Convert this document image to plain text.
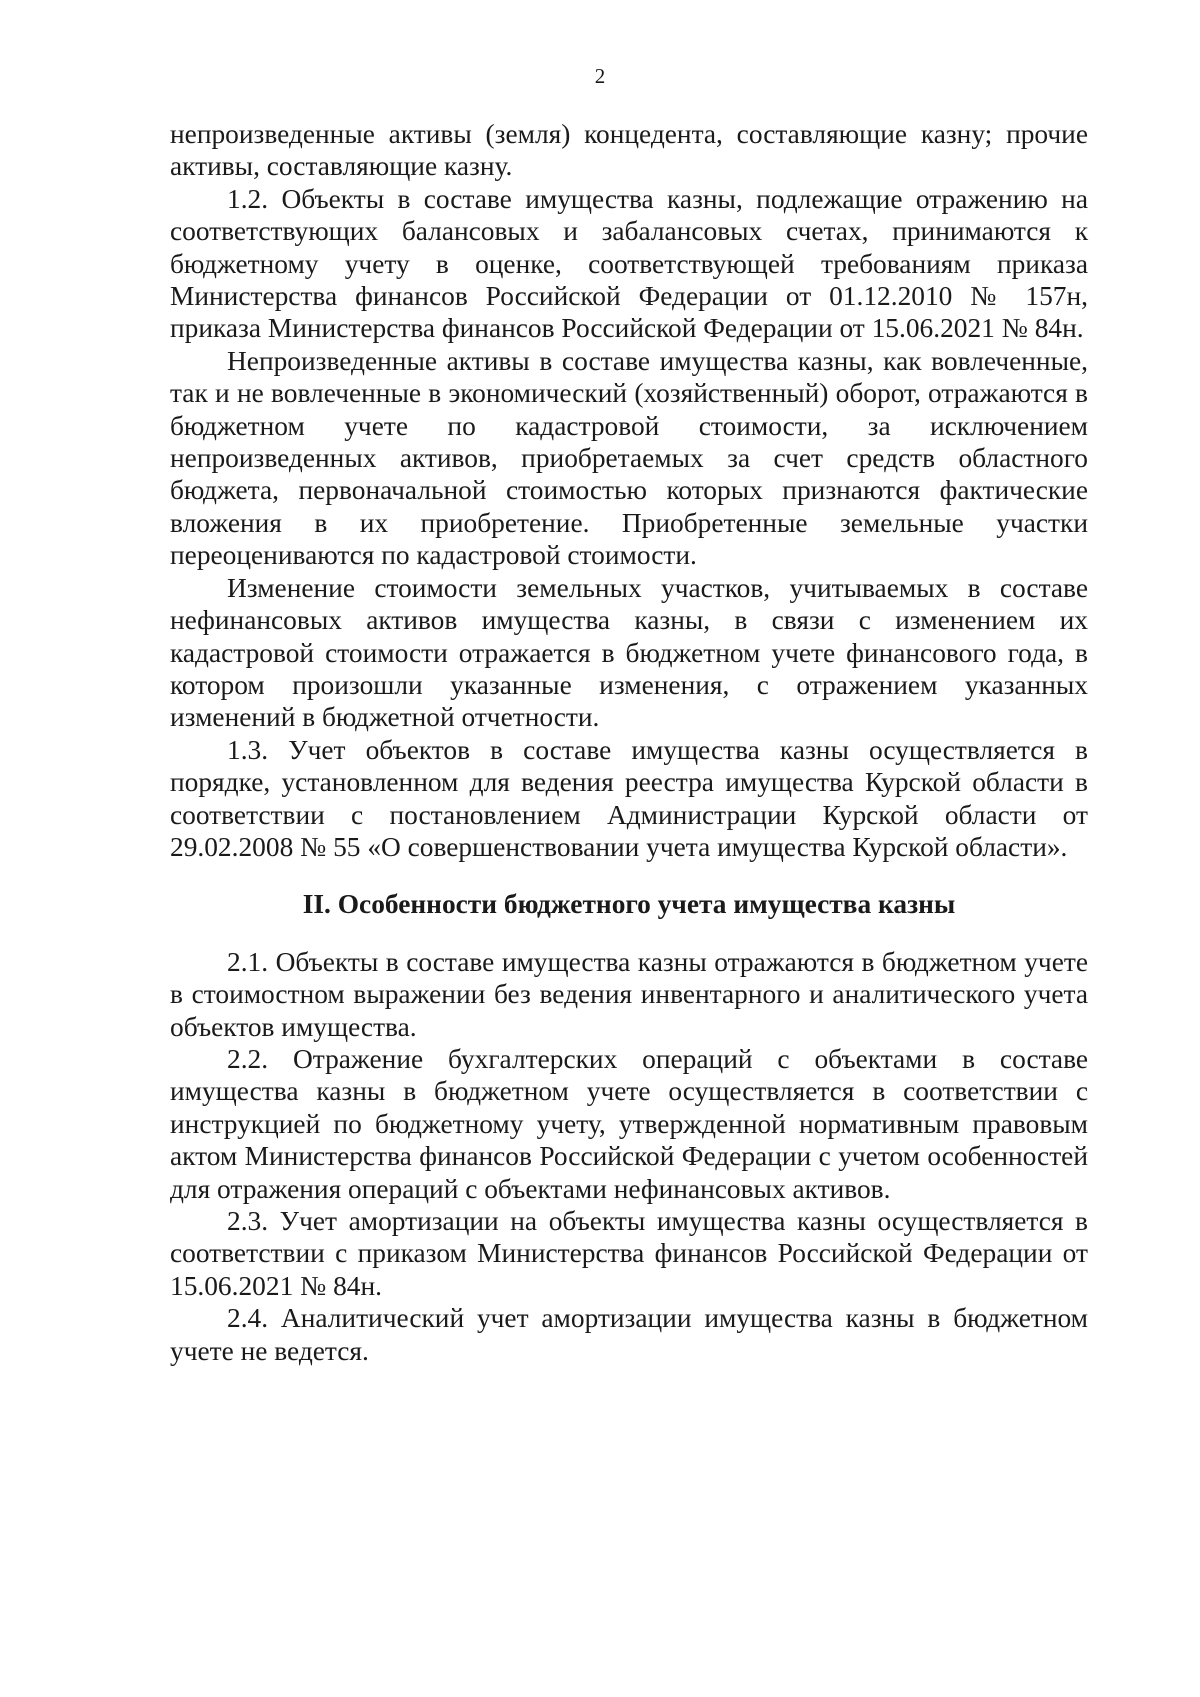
2

непроизведенные активы (земля) концедента, составляющие казну; прочие активы, составляющие казну.

1.2. Объекты в составе имущества казны, подлежащие отражению на соответствующих балансовых и забалансовых счетах, принимаются к бюджетному учету в оценке, соответствующей требованиям приказа Министерства финансов Российской Федерации от 01.12.2010 № 157н, приказа Министерства финансов Российской Федерации от 15.06.2021 № 84н.

Непроизведенные активы в составе имущества казны, как вовлеченные, так и не вовлеченные в экономический (хозяйственный) оборот, отражаются в бюджетном учете по кадастровой стоимости, за исключением непроизведенных активов, приобретаемых за счет средств областного бюджета, первоначальной стоимостью которых признаются фактические вложения в их приобретение. Приобретенные земельные участки переоцениваются по кадастровой стоимости.

Изменение стоимости земельных участков, учитываемых в составе нефинансовых активов имущества казны, в связи с изменением их кадастровой стоимости отражается в бюджетном учете финансового года, в котором произошли указанные изменения, с отражением указанных изменений в бюджетной отчетности.

1.3. Учет объектов в составе имущества казны осуществляется в порядке, установленном для ведения реестра имущества Курской области в соответствии с постановлением Администрации Курской области от 29.02.2008 № 55 «О совершенствовании учета имущества Курской области».

II. Особенности бюджетного учета имущества казны

2.1. Объекты в составе имущества казны отражаются в бюджетном учете в стоимостном выражении без ведения инвентарного и аналитического учета объектов имущества.

2.2. Отражение бухгалтерских операций с объектами в составе имущества казны в бюджетном учете осуществляется в соответствии с инструкцией по бюджетному учету, утвержденной нормативным правовым актом Министерства финансов Российской Федерации с учетом особенностей для отражения операций с объектами нефинансовых активов.

2.3. Учет амортизации на объекты имущества казны осуществляется в соответствии с приказом Министерства финансов Российской Федерации от 15.06.2021 № 84н.

2.4. Аналитический учет амортизации имущества казны в бюджетном учете не ведется.
